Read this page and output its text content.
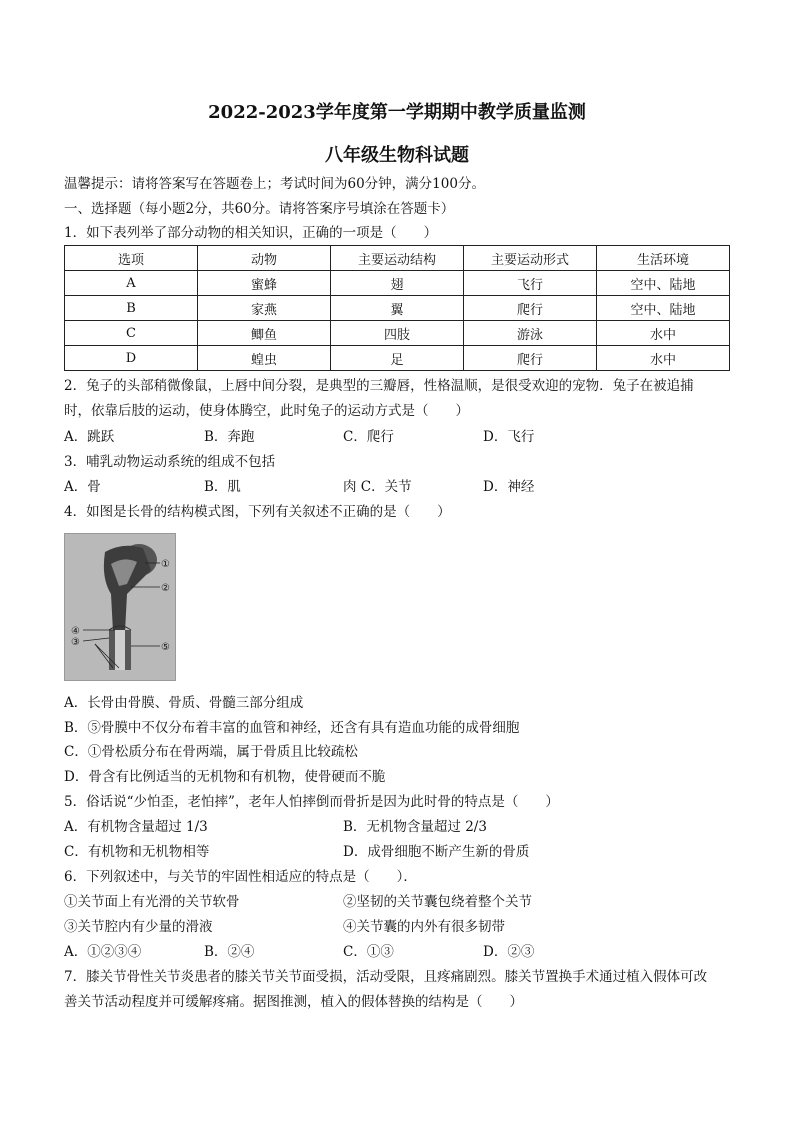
2022-2023学年度第一学期期中教学质量监测
八年级生物科试题
温馨提示：请将答案写在答题卷上；考试时间为60分钟，满分100分。
一、选择题（每小题2分，共60分。请将答案序号填涂在答题卡）
1．如下表列举了部分动物的相关知识，正确的一项是（　　）
选项	动物	主要运动结构	主要运动形式	生活环境
A	蜜蜂	翅	飞行	空中、陆地
B	家燕	翼	爬行	空中、陆地
C	鲫鱼	四肢	游泳	水中
D	蝗虫	足	爬行	水中
2．兔子的头部稍微像鼠，上唇中间分裂，是典型的三瓣唇，性格温顺，是很受欢迎的宠物．兔子在被追捕
时，依靠后肢的运动，使身体腾空，此时兔子的运动方式是（　　）
A．跳跃	B．奔跑	C．爬行	D．飞行
3．哺乳动物运动系统的组成不包括
A．骨	B．肌	肉 C．关节	D．神经
4．如图是长骨的结构模式图，下列有关叙述不正确的是（　　）
①
②
④
③	⑤
A．长骨由骨膜、骨质、骨髓三部分组成
B．⑤骨膜中不仅分布着丰富的血管和神经，还含有具有造血功能的成骨细胞
C．①骨松质分布在骨两端，属于骨质且比较疏松
D．骨含有比例适当的无机物和有机物，使骨硬而不脆
5．俗话说“少怕歪，老怕摔”，老年人怕摔倒而骨折是因为此时骨的特点是（　　）
A．有机物含量超过 1/3	B．无机物含量超过 2/3
C．有机物和无机物相等	D．成骨细胞不断产生新的骨质
6．下列叙述中，与关节的牢固性相适应的特点是（　　）．
①关节面上有光滑的关节软骨	②坚韧的关节囊包绕着整个关节
③关节腔内有少量的滑液	④关节囊的内外有很多韧带
A．①②③④	B．②④	C．①③	D．②③
7．膝关节骨性关节炎患者的膝关节关节面受损，活动受限，且疼痛剧烈。膝关节置换手术通过植入假体可改
善关节活动程度并可缓解疼痛。据图推测，植入的假体替换的结构是（　　）
